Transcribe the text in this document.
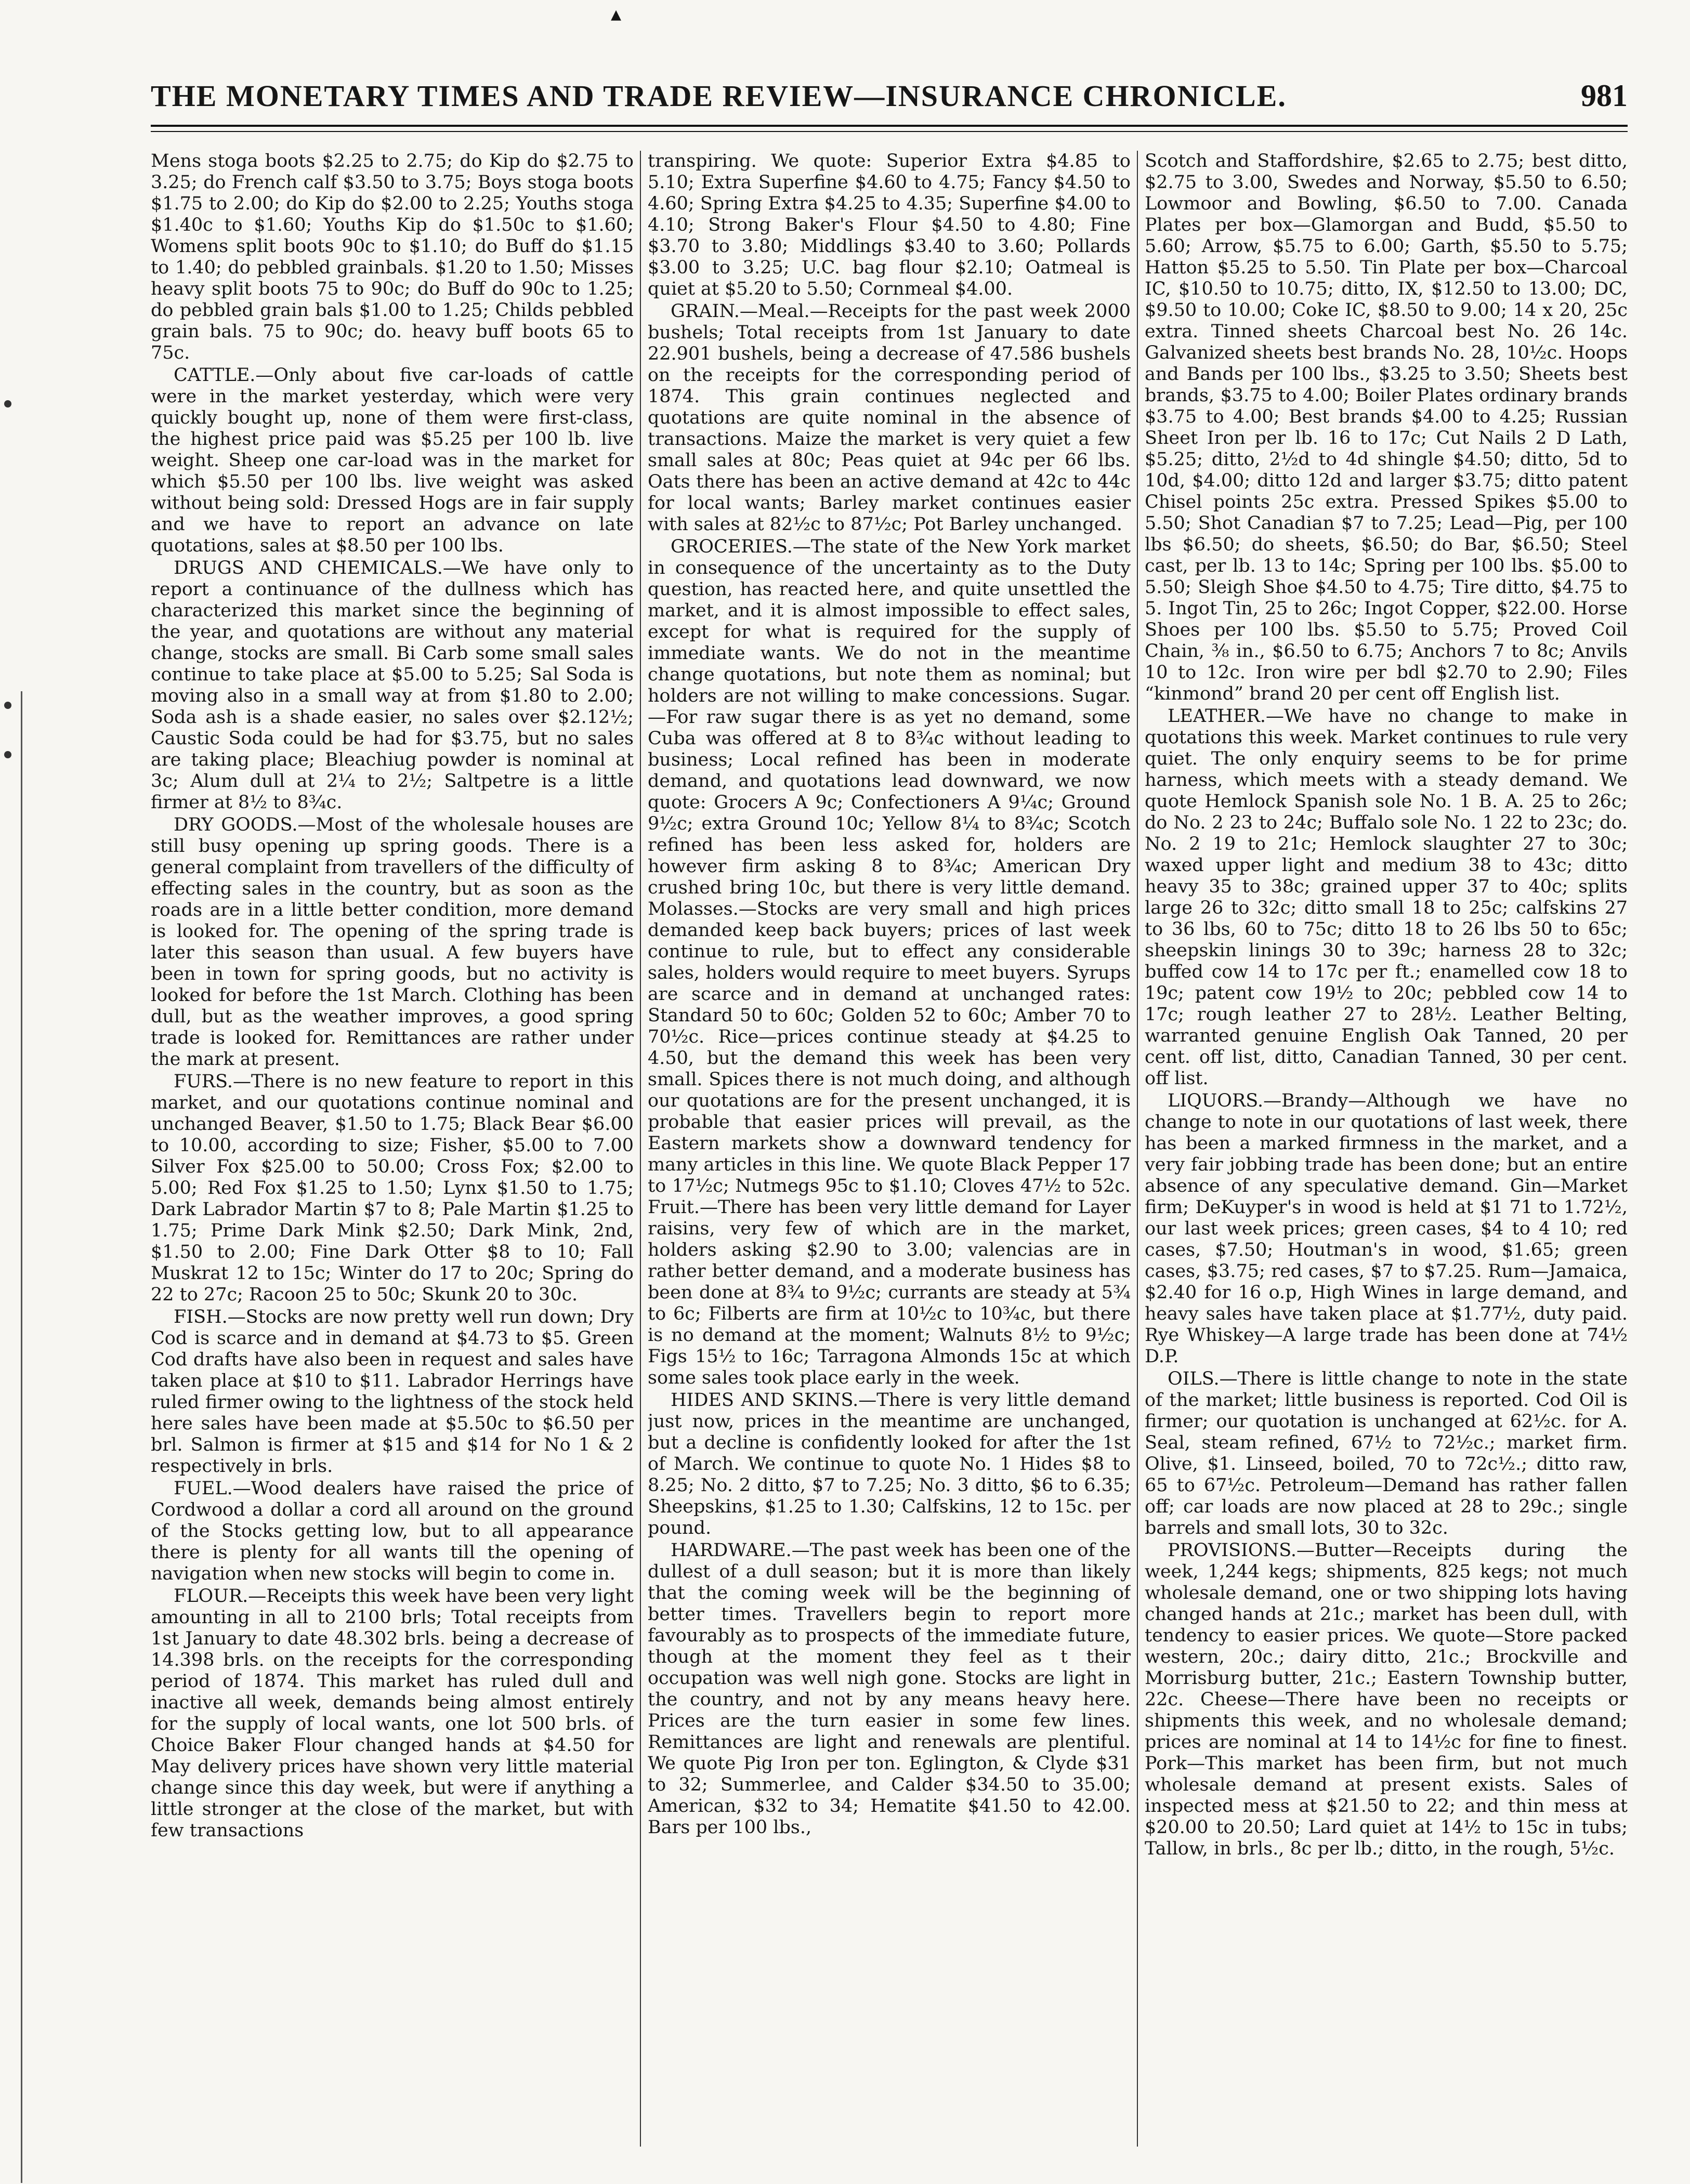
▴
THE MONETARY TIMES AND TRADE REVIEW—INSURANCE CHRONICLE.	981

Mens stoga boots $2.25 to 2.75; do Kip do $2.75 to 3.25; do French calf $3.50 to 3.75; Boys stoga boots $1.75 to 2.00; do Kip do $2.00 to 2.25; Youths stoga $1.40c to $1.60; Youths Kip do $1.50c to $1.60; Womens split boots 90c to $1.10; do Buff do $1.15 to 1.40; do pebbled grainbals. $1.20 to 1.50; Misses heavy split boots 75 to 90c; do Buff do 90c to 1.25; do pebbled grain bals $1.00 to 1.25; Childs pebbled grain bals. 75 to 90c; do. heavy buff boots 65 to 75c.

CATTLE.—Only about five car-loads of cattle were in the market yesterday, which were very quickly bought up, none of them were first-class, the highest price paid was $5.25 per 100 lb. live weight. Sheep one car-load was in the market for which $5.50 per 100 lbs. live weight was asked without being sold: Dressed Hogs are in fair supply and we have to report an advance on late quotations, sales at $8.50 per 100 lbs.

DRUGS AND CHEMICALS.—We have only to report a continuance of the dullness which has characterized this market since the beginning of the year, and quotations are without any material change, stocks are small. Bi Carb some small sales continue to take place at $5.00 to 5.25; Sal Soda is moving also in a small way at from $1.80 to 2.00; Soda ash is a shade easier, no sales over $2.12½; Caustic Soda could be had for $3.75, but no sales are taking place; Bleachiug powder is nominal at 3c; Alum dull at 2¼ to 2½; Saltpetre is a little firmer at 8½ to 8¾c.

DRY GOODS.—Most of the wholesale houses are still busy opening up spring goods. There is a general complaint from travellers of the difficulty of effecting sales in the country, but as soon as the roads are in a little better condition, more demand is looked for. The opening of the spring trade is later this season than usual. A few buyers have been in town for spring goods, but no activity is looked for before the 1st March. Clothing has been dull, but as the weather improves, a good spring trade is looked for. Remittances are rather under the mark at present.

FURS.—There is no new feature to report in this market, and our quotations continue nominal and unchanged Beaver, $1.50 to 1.75; Black Bear $6.00 to 10.00, according to size; Fisher, $5.00 to 7.00 Silver Fox $25.00 to 50.00; Cross Fox; $2.00 to 5.00; Red Fox $1.25 to 1.50; Lynx $1.50 to 1.75; Dark Labrador Martin $7 to 8; Pale Martin $1.25 to 1.75; Prime Dark Mink $2.50; Dark Mink, 2nd, $1.50 to 2.00; Fine Dark Otter $8 to 10; Fall Muskrat 12 to 15c; Winter do 17 to 20c; Spring do 22 to 27c; Racoon 25 to 50c; Skunk 20 to 30c.

FISH.—Stocks are now pretty well run down; Dry Cod is scarce and in demand at $4.73 to $5. Green Cod drafts have also been in request and sales have taken place at $10 to $11. Labrador Herrings have ruled firmer owing to the lightness of the stock held here sales have been made at $5.50c to $6.50 per brl. Salmon is firmer at $15 and $14 for No 1 & 2 respectively in brls.

FUEL.—Wood dealers have raised the price of Cordwood a dollar a cord all around on the ground of the Stocks getting low, but to all appearance there is plenty for all wants till the opening of navigation when new stocks will begin to come in.

FLOUR.—Receipts this week have been very light amounting in all to 2100 brls; Total receipts from 1st January to date 48.302 brls. being a decrease of 14.398 brls. on the receipts for the corresponding period of 1874. This market has ruled dull and inactive all week, demands being almost entirely for the supply of local wants, one lot 500 brls. of Choice Baker Flour changed hands at $4.50 for May delivery prices have shown very little material change since this day week, but were if anything a little stronger at the close of the market, but with few transactions

transpiring. We quote: Superior Extra $4.85 to 5.10; Extra Superfine $4.60 to 4.75; Fancy $4.50 to 4.60; Spring Extra $4.25 to 4.35; Superfine $4.00 to 4.10; Strong Baker's Flour $4.50 to 4.80; Fine $3.70 to 3.80; Middlings $3.40 to 3.60; Pollards $3.00 to 3.25; U.C. bag flour $2.10; Oatmeal is quiet at $5.20 to 5.50; Cornmeal $4.00.

GRAIN.—Meal.—Receipts for the past week 2000 bushels; Total receipts from 1st January to date 22.901 bushels, being a decrease of 47.586 bushels on the receipts for the corresponding period of 1874. This grain continues neglected and quotations are quite nominal in the absence of transactions. Maize the market is very quiet a few small sales at 80c; Peas quiet at 94c per 66 lbs. Oats there has been an active demand at 42c to 44c for local wants; Barley market continues easier with sales at 82½c to 87½c; Pot Barley unchanged.

GROCERIES.—The state of the New York market in consequence of the uncertainty as to the Duty question, has reacted here, and quite unsettled the market, and it is almost impossible to effect sales, except for what is required for the supply of immediate wants. We do not in the meantime change quotations, but note them as nominal; but holders are not willing to make concessions. Sugar.—For raw sugar there is as yet no demand, some Cuba was offered at 8 to 8¾c without leading to business; Local refined has been in moderate demand, and quotations lead downward, we now quote: Grocers A 9c; Confectioners A 9¼c; Ground 9½c; extra Ground 10c; Yellow 8¼ to 8¾c; Scotch refined has been less asked for, holders are however firm asking 8 to 8¾c; American Dry crushed bring 10c, but there is very little demand. Molasses.—Stocks are very small and high prices demanded keep back buyers; prices of last week continue to rule, but to effect any considerable sales, holders would require to meet buyers. Syrups are scarce and in demand at unchanged rates: Standard 50 to 60c; Golden 52 to 60c; Amber 70 to 70½c. Rice—prices continue steady at $4.25 to 4.50, but the demand this week has been very small. Spices there is not much doing, and although our quotations are for the present unchanged, it is probable that easier prices will prevail, as the Eastern markets show a downward tendency for many articles in this line. We quote Black Pepper 17 to 17½c; Nutmegs 95c to $1.10; Cloves 47½ to 52c. Fruit.—There has been very little demand for Layer raisins, very few of which are in the market, holders asking $2.90 to 3.00; valencias are in rather better demand, and a moderate business has been done at 8¾ to 9½c; currants are steady at 5¾ to 6c; Filberts are firm at 10½c to 10¾c, but there is no demand at the moment; Walnuts 8½ to 9½c; Figs 15½ to 16c; Tarragona Almonds 15c at which some sales took place early in the week.

HIDES AND SKINS.—There is very little demand just now, prices in the meantime are unchanged, but a decline is confidently looked for after the 1st of March. We continue to quote No. 1 Hides $8 to 8.25; No. 2 ditto, $7 to 7.25; No. 3 ditto, $6 to 6.35; Sheepskins, $1.25 to 1.30; Calfskins, 12 to 15c. per pound.

HARDWARE.—The past week has been one of the dullest of a dull season; but it is more than likely that the coming week will be the beginning of better times. Travellers begin to report more favourably as to prospects of the immediate future, though at the moment they feel as t their occupation was well nigh gone. Stocks are light in the country, and not by any means heavy here. Prices are the turn easier in some few lines. Remittances are light and renewals are plentiful. We quote Pig Iron per ton. Eglington, & Clyde $31 to 32; Summerlee, and Calder $34.50 to 35.00; American, $32 to 34; Hematite $41.50 to 42.00. Bars per 100 lbs.,

Scotch and Staffordshire, $2.65 to 2.75; best ditto, $2.75 to 3.00, Swedes and Norway, $5.50 to 6.50; Lowmoor and Bowling, $6.50 to 7.00. Canada Plates per box—Glamorgan and Budd, $5.50 to 5.60; Arrow, $5.75 to 6.00; Garth, $5.50 to 5.75; Hatton $5.25 to 5.50. Tin Plate per box—Charcoal IC, $10.50 to 10.75; ditto, IX, $12.50 to 13.00; DC, $9.50 to 10.00; Coke IC, $8.50 to 9.00; 14 x 20, 25c extra. Tinned sheets Charcoal best No. 26 14c. Galvanized sheets best brands No. 28, 10½c. Hoops and Bands per 100 lbs., $3.25 to 3.50; Sheets best brands, $3.75 to 4.00; Boiler Plates ordinary brands $3.75 to 4.00; Best brands $4.00 to 4.25; Russian Sheet Iron per lb. 16 to 17c; Cut Nails 2 D Lath, $5.25; ditto, 2½d to 4d shingle $4.50; ditto, 5d to 10d, $4.00; ditto 12d and larger $3.75; ditto patent Chisel points 25c extra. Pressed Spikes $5.00 to 5.50; Shot Canadian $7 to 7.25; Lead—Pig, per 100 lbs $6.50; do sheets, $6.50; do Bar, $6.50; Steel cast, per lb. 13 to 14c; Spring per 100 lbs. $5.00 to 5.50; Sleigh Shoe $4.50 to 4.75; Tire ditto, $4.75 to 5. Ingot Tin, 25 to 26c; Ingot Copper, $22.00. Horse Shoes per 100 lbs. $5.50 to 5.75; Proved Coil Chain, ⅜ in., $6.50 to 6.75; Anchors 7 to 8c; Anvils 10 to 12c. Iron wire per bdl $2.70 to 2.90; Files “kinmond” brand 20 per cent off English list.

LEATHER.—We have no change to make in quotations this week. Market continues to rule very quiet. The only enquiry seems to be for prime harness, which meets with a steady demand. We quote Hemlock Spanish sole No. 1 B. A. 25 to 26c; do No. 2 23 to 24c; Buffalo sole No. 1 22 to 23c; do. No. 2 19 to 21c; Hemlock slaughter 27 to 30c; waxed upper light and medium 38 to 43c; ditto heavy 35 to 38c; grained upper 37 to 40c; splits large 26 to 32c; ditto small 18 to 25c; calfskins 27 to 36 lbs, 60 to 75c; ditto 18 to 26 lbs 50 to 65c; sheepskin linings 30 to 39c; harness 28 to 32c; buffed cow 14 to 17c per ft.; enamelled cow 18 to 19c; patent cow 19½ to 20c; pebbled cow 14 to 17c; rough leather 27 to 28½. Leather Belting, warranted genuine English Oak Tanned, 20 per cent. off list, ditto, Canadian Tanned, 30 per cent. off list.

LIQUORS.—Brandy—Although we have no change to note in our quotations of last week, there has been a marked firmness in the market, and a very fair jobbing trade has been done; but an entire absence of any speculative demand. Gin—Market firm; DeKuyper's in wood is held at $1 71 to 1.72½, our last week prices; green cases, $4 to 4 10; red cases, $7.50; Houtman's in wood, $1.65; green cases, $3.75; red cases, $7 to $7.25. Rum—Jamaica, $2.40 for 16 o.p, High Wines in large demand, and heavy sales have taken place at $1.77½, duty paid. Rye Whiskey—A large trade has been done at 74½ D.P.

OILS.—There is little change to note in the state of the market; little business is reported. Cod Oil is firmer; our quotation is unchanged at 62½c. for A. Seal, steam refined, 67½ to 72½c.; market firm. Olive, $1. Linseed, boiled, 70 to 72c½.; ditto raw, 65 to 67½c. Petroleum—Demand has rather fallen off; car loads are now placed at 28 to 29c.; single barrels and small lots, 30 to 32c.

PROVISIONS.—Butter—Receipts during the week, 1,244 kegs; shipments, 825 kegs; not much wholesale demand, one or two shipping lots having changed hands at 21c.; market has been dull, with tendency to easier prices. We quote—Store packed western, 20c.; dairy ditto, 21c.; Brockville and Morrisburg butter, 21c.; Eastern Township butter, 22c. Cheese—There have been no receipts or shipments this week, and no wholesale demand; prices are nominal at 14 to 14½c for fine to finest. Pork—This market has been firm, but not much wholesale demand at present exists. Sales of inspected mess at $21.50 to 22; and thin mess at $20.00 to 20.50; Lard quiet at 14½ to 15c in tubs; Tallow, in brls., 8c per lb.; ditto, in the rough, 5½c.
